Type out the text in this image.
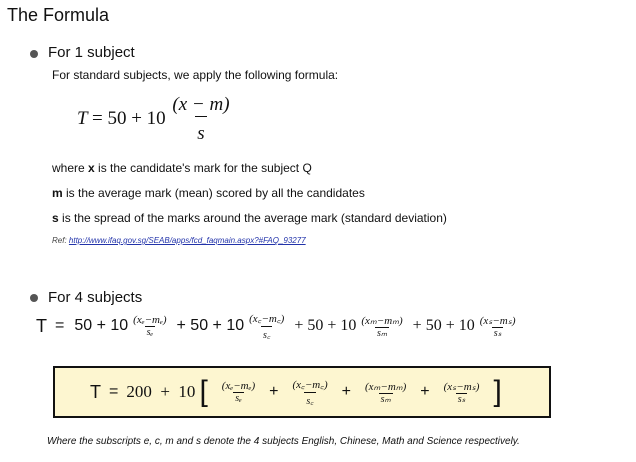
The Formula
For 1 subject
For standard subjects, we apply the following formula:
$T = 50 + 10 \frac{(x - m)}{s}$
where x is the candidate's mark for the subject Q
m is the average mark (mean) scored by all the candidates
s is the spread of the marks around the average mark (standard deviation)
Ref: http://www.ifaq.gov.sg/SEAB/apps/fcd_faqmain.aspx?#FAQ_93277
For 4 subjects
$T = 50 + 10 \frac{\text{(xₑ−mₑ)}}{\text{sₑ}} + 50 + 10 \frac{(x꜀-m꜀)}{s꜀} + 50 + 10 \frac{\text{(xₘ−mₘ)}}{\text{sₘ}} + 50 + 10 \frac{\text{(xₛ−mₛ)}}{\text{sₛ}}$
T = 200  +  10 [ $\frac{\text{(xₑ−mₑ)}}{\text{sₑ}} + \frac{(x꜀-m꜀)}{s꜀} + \frac{\text{(xₘ−mₘ)}}{\text{sₘ}} + \frac{\text{(xₛ−mₛ)}}{\text{sₛ}}$ ]
Where the subscripts e, c, m and s denote the 4 subjects English, Chinese, Math and Science respectively.
